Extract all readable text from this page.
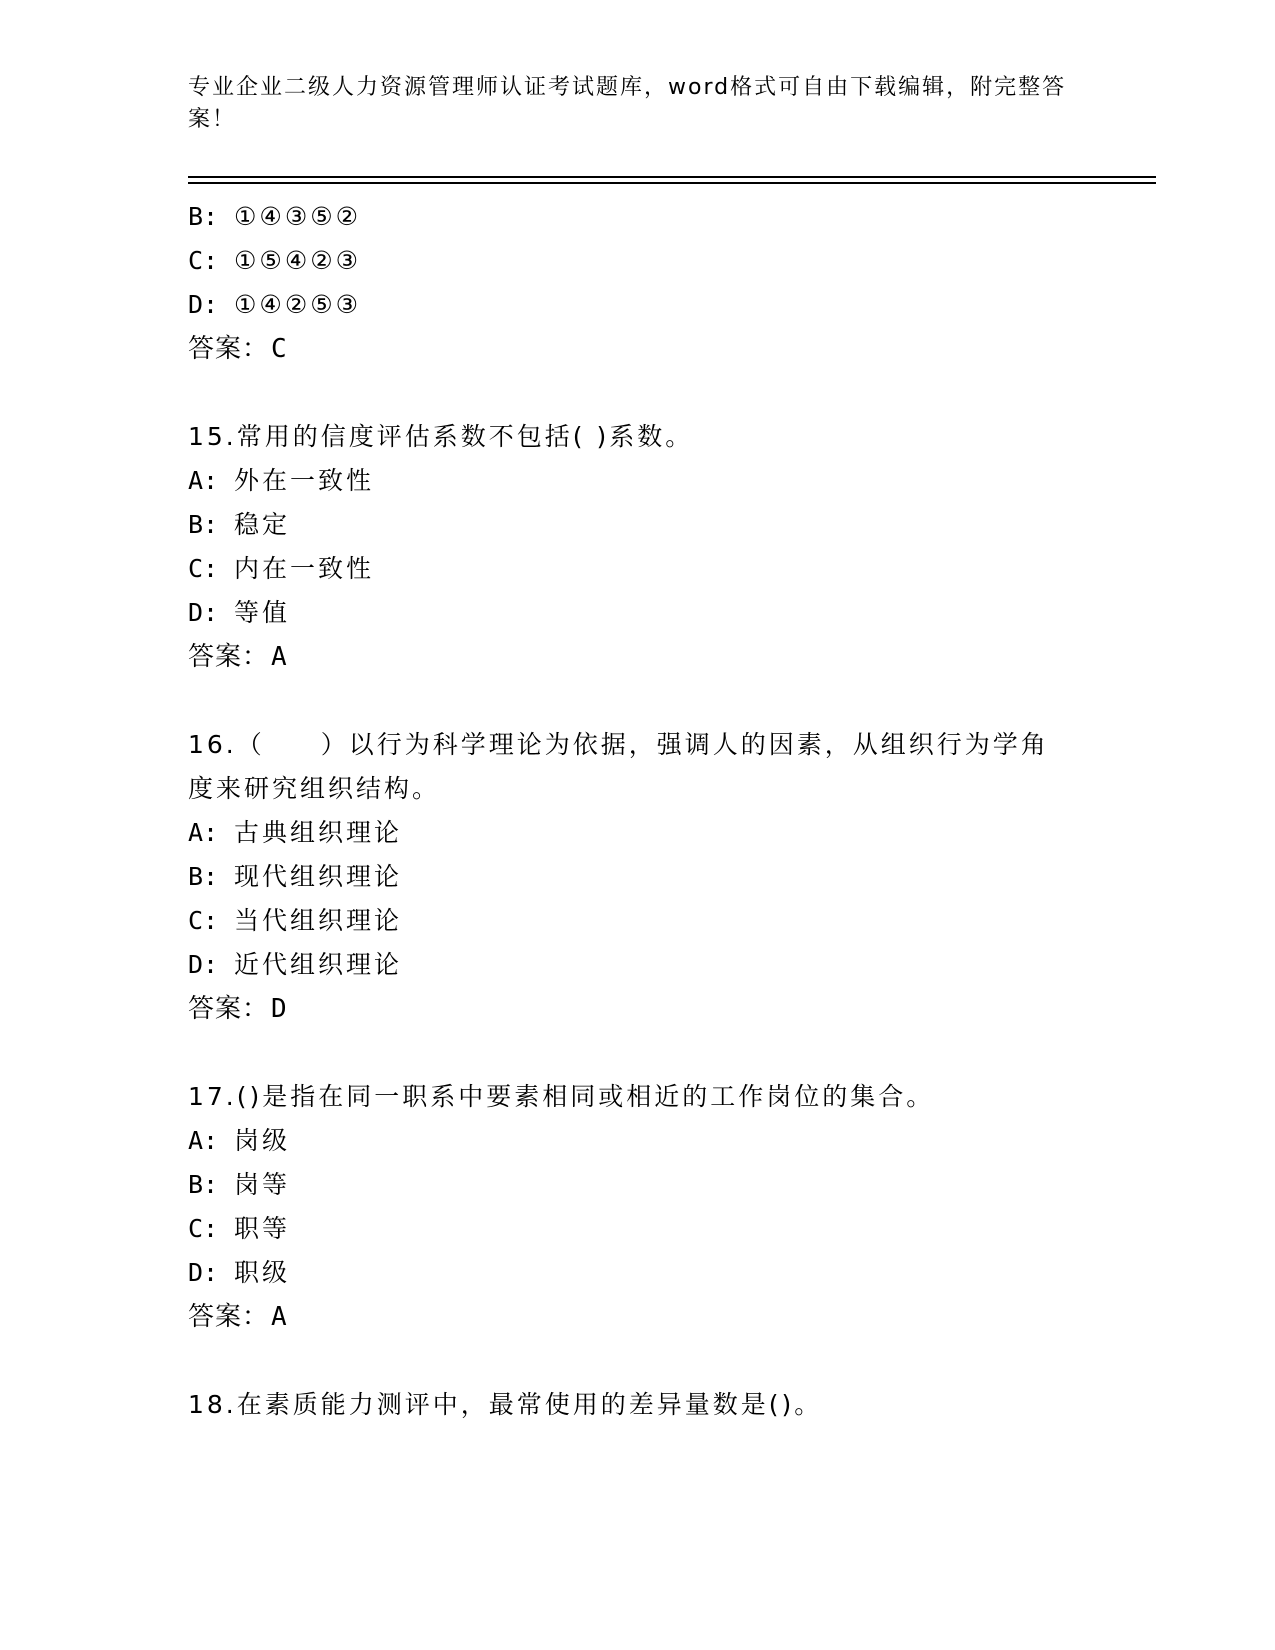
专业企业二级人力资源管理师认证考试题库，word格式可自由下载编辑，附完整答案！
B: ①④③⑤②
C: ①⑤④②③
D: ①④②⑤③
答案：C
15.常用的信度评估系数不包括( )系数。
A: 外在一致性
B: 稳定
C: 内在一致性
D: 等值
答案：A
16.（　　）以行为科学理论为依据，强调人的因素，从组织行为学角
度来研究组织结构。
A: 古典组织理论
B: 现代组织理论
C: 当代组织理论
D: 近代组织理论
答案：D
17.()是指在同一职系中要素相同或相近的工作岗位的集合。
A: 岗级
B: 岗等
C: 职等
D: 职级
答案：A
18.在素质能力测评中，最常使用的差异量数是()。
